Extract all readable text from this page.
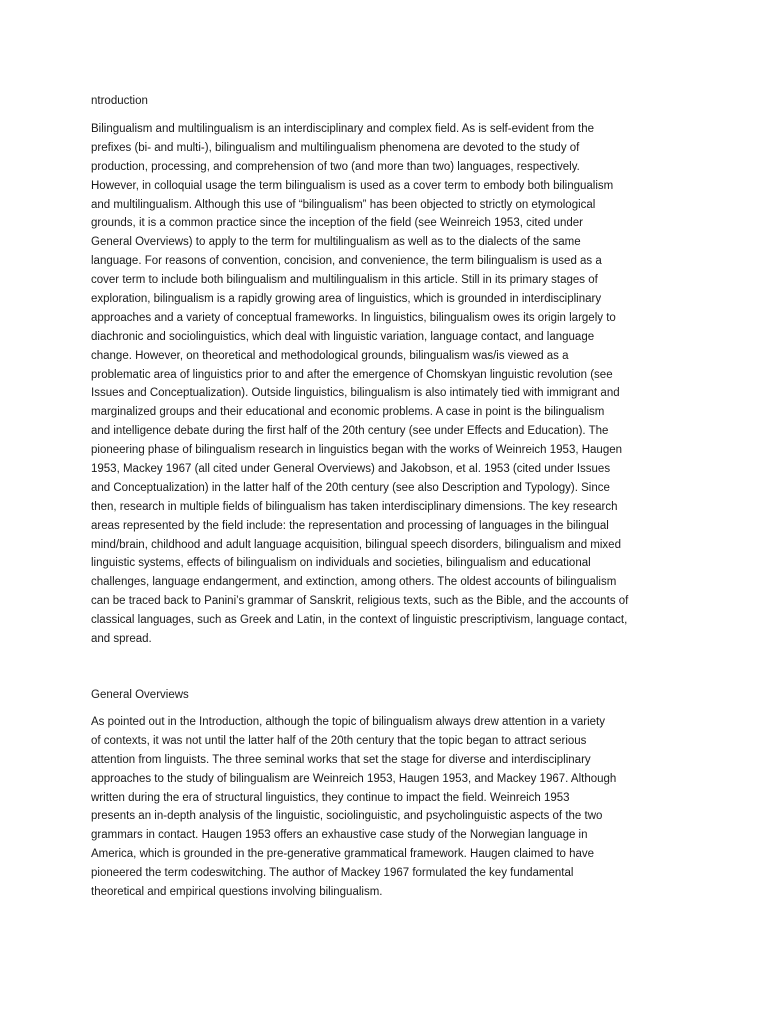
ntroduction

Bilingualism and multilingualism is an interdisciplinary and complex field. As is self-evident from the
prefixes (bi- and multi-), bilingualism and multilingualism phenomena are devoted to the study of
production, processing, and comprehension of two (and more than two) languages, respectively.
However, in colloquial usage the term bilingualism is used as a cover term to embody both bilingualism
and multilingualism. Although this use of “bilingualism” has been objected to strictly on etymological
grounds, it is a common practice since the inception of the field (see Weinreich 1953, cited under
General Overviews) to apply to the term for multilingualism as well as to the dialects of the same
language. For reasons of convention, concision, and convenience, the term bilingualism is used as a
cover term to include both bilingualism and multilingualism in this article. Still in its primary stages of
exploration, bilingualism is a rapidly growing area of linguistics, which is grounded in interdisciplinary
approaches and a variety of conceptual frameworks. In linguistics, bilingualism owes its origin largely to
diachronic and sociolinguistics, which deal with linguistic variation, language contact, and language
change. However, on theoretical and methodological grounds, bilingualism was/is viewed as a
problematic area of linguistics prior to and after the emergence of Chomskyan linguistic revolution (see
Issues and Conceptualization). Outside linguistics, bilingualism is also intimately tied with immigrant and
marginalized groups and their educational and economic problems. A case in point is the bilingualism
and intelligence debate during the first half of the 20th century (see under Effects and Education). The
pioneering phase of bilingualism research in linguistics began with the works of Weinreich 1953, Haugen
1953, Mackey 1967 (all cited under General Overviews) and Jakobson, et al. 1953 (cited under Issues
and Conceptualization) in the latter half of the 20th century (see also Description and Typology). Since
then, research in multiple fields of bilingualism has taken interdisciplinary dimensions. The key research
areas represented by the field include: the representation and processing of languages in the bilingual
mind/brain, childhood and adult language acquisition, bilingual speech disorders, bilingualism and mixed
linguistic systems, effects of bilingualism on individuals and societies, bilingualism and educational
challenges, language endangerment, and extinction, among others. The oldest accounts of bilingualism
can be traced back to Panini’s grammar of Sanskrit, religious texts, such as the Bible, and the accounts of
classical languages, such as Greek and Latin, in the context of linguistic prescriptivism, language contact,
and spread.

General Overviews

As pointed out in the Introduction, although the topic of bilingualism always drew attention in a variety
of contexts, it was not until the latter half of the 20th century that the topic began to attract serious
attention from linguists. The three seminal works that set the stage for diverse and interdisciplinary
approaches to the study of bilingualism are Weinreich 1953, Haugen 1953, and Mackey 1967. Although
written during the era of structural linguistics, they continue to impact the field. Weinreich 1953
presents an in-depth analysis of the linguistic, sociolinguistic, and psycholinguistic aspects of the two
grammars in contact. Haugen 1953 offers an exhaustive case study of the Norwegian language in
America, which is grounded in the pre-generative grammatical framework. Haugen claimed to have
pioneered the term codeswitching. The author of Mackey 1967 formulated the key fundamental
theoretical and empirical questions involving bilingualism.
